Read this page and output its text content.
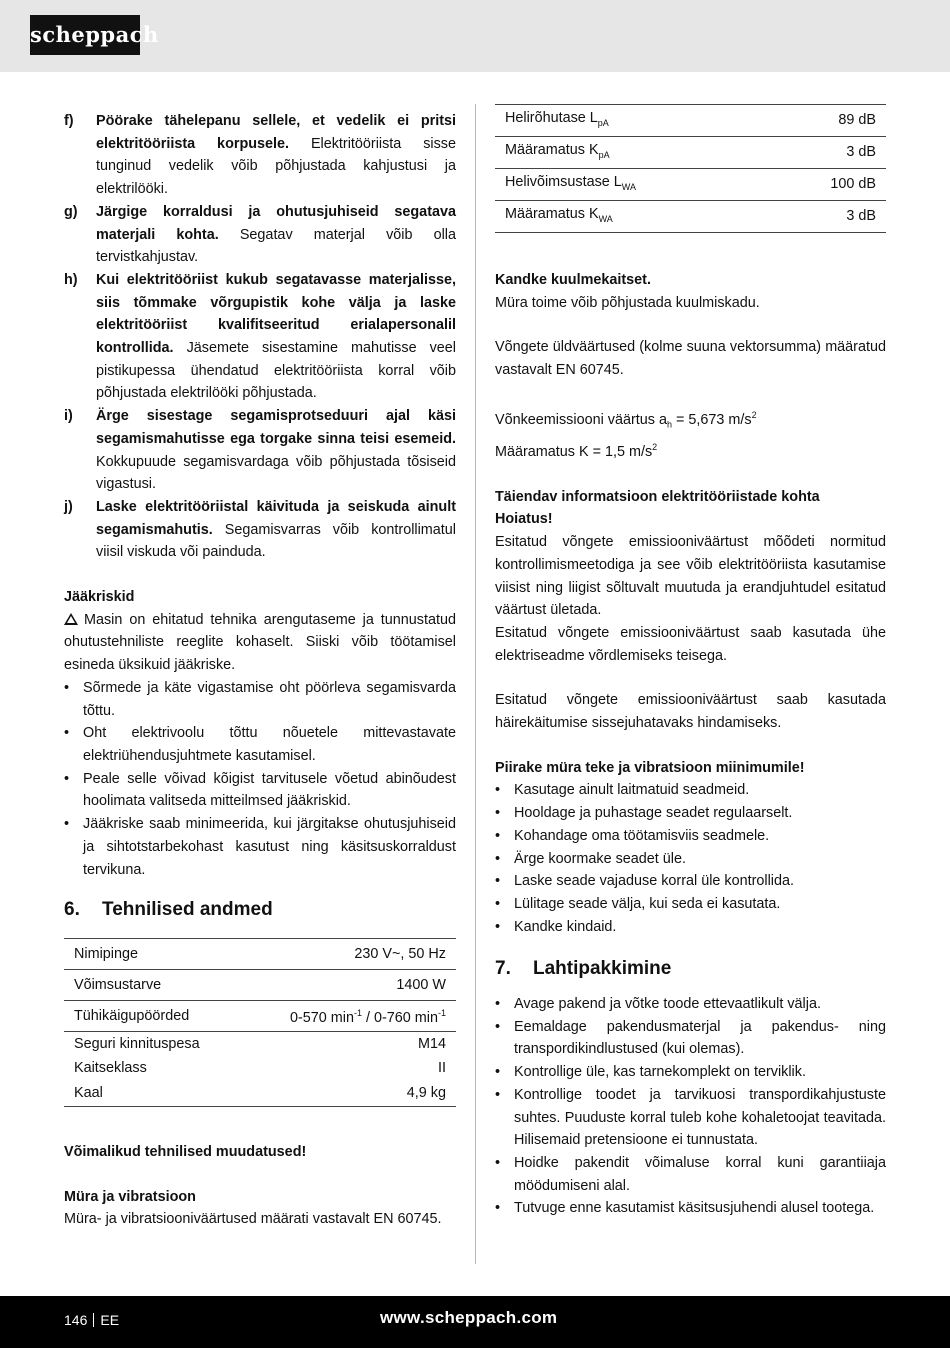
scheppach
f)	Pöörake tähelepanu sellele, et vedelik ei pritsi elektritööriista korpusele. Elektritööriista sisse tunginud vedelik võib põhjustada kahjustusi ja elektrilööki.
g)	Järgige korraldusi ja ohutusjuhiseid segatava materjali kohta. Segatav materjal võib olla tervistkahjustav.
h)	Kui elektritööriist kukub segatavasse materjalisse, siis tõmmake võrgupistik kohe välja ja laske elektritööriist kvalifitseeritud erialapersonalil kontrollida. Jäsemete sisestamine mahutisse veel pistikupessa ühendatud elektritööriista korral võib põhjustada elektrilööki põhjustada.
i)	Ärge sisestage segamisprotseduuri ajal käsi segamismahutisse ega torgake sinna teisi esemeid. Kokkupuude segamisvardaga võib põhjustada tõsiseid vigastusi.
j)	Laske elektritööriistal käivituda ja seiskuda ainult segamismahutis. Segamisvarras võib kontrollimatul viisil viskuda või painduda.

Jääkriskid

Masin on ehitatud tehnika arengutaseme ja tunnustatud ohutustehniliste reeglite kohaselt. Siiski võib töötamisel esineda üksikuid jääkriske.

• Sõrmede ja käte vigastamise oht pöörleva segamisvarda tõttu.
• Oht elektrivoolu tõttu nõuetele mittevastavate elektriühendusjuhtmete kasutamisel.
• Peale selle võivad kõigist tarvitusele võetud abinõudest hoolimata valitseda mitteilmsed jääkriskid.
• Jääkriske saab minimeerida, kui järgitakse ohutusjuhiseid ja sihtotstarbekohast kasutust ning käsitsuskorraldust tervikuna.
6.	Tehnilised andmed
Nimipinge	230 V~, 50 Hz
Võimsustarve	1400 W
Tühikäigupöörded	0-570 $\min^{-1} / 0-760$ $\min^{-1}$
Seguri kinnituspesa	M14
Kaitseklass	II
Kaal	4,9 kg

Võimalikud tehnilised muudatused!

Müra ja vibratsioon

Müra- ja vibratsiooniväärtused määrati vastavalt EN 60745.

Helirõhutase $L_{pA}$	89 dB
Määramatus $K_{pA}$	3 dB
Helivõimsustase $L_{WA}$	100 dB
Määramatus $K_{WA}$	3 dB

Kandke kuulmekaitset.

Müra toime võib põhjustada kuulmiskadu.

Võngete üldväärtused (kolme suuna vektorsumma) määratud vastavalt EN 60745.

Võnkeemissiooni väärtus $a_h = 5,673$ $m/s^2$

Määramatus K = 1,5 $m/s^2$

Täiendav informatsioon elektritööriistade kohta

Hoiatus!

Esitatud võngete emissiooniväärtust mõõdeti normitud kontrollimismeetodiga ja see võib elektritööriista kasutamise viisist ning liigist sõltuvalt muutuda ja erandjuhtudel esitatud väärtust ületada.

Esitatud võngete emissiooniväärtust saab kasutada ühe elektriseadme võrdlemiseks teisega.

Esitatud võngete emissiooniväärtust saab kasutada häirekäitumise sissejuhatavaks hindamiseks.

Piirake müra teke ja vibratsioon miinimumile!

• Kasutage ainult laitmatuid seadmeid.
• Hooldage ja puhastage seadet regulaarselt.
• Kohandage oma töötamisviis seadmele.
• Ärge koormake seadet üle.
• Laske seade vajaduse korral üle kontrollida.
• Lülitage seade välja, kui seda ei kasutata.
• Kandke kindaid.
7.	Lahtipakkimine
• Avage pakend ja võtke toode ettevaatlikult välja.
• Eemaldage pakendusmaterjal ja pakendus- ning transpordikindlustused (kui olemas).
• Kontrollige üle, kas tarnekomplekt on terviklik.
• Kontrollige toodet ja tarvikuosi transpordikahjustuste suhtes. Puuduste korral tuleb kohe kohaletoojat teavitada. Hilisemaid pretensioone ei tunnustata.
• Hoidke pakendit võimaluse korral kuni garantiiaja möödumiseni alal.
• Tutvuge enne kasutamist käsitsusjuhendi alusel tootega.
146 EE	www.scheppach.com
